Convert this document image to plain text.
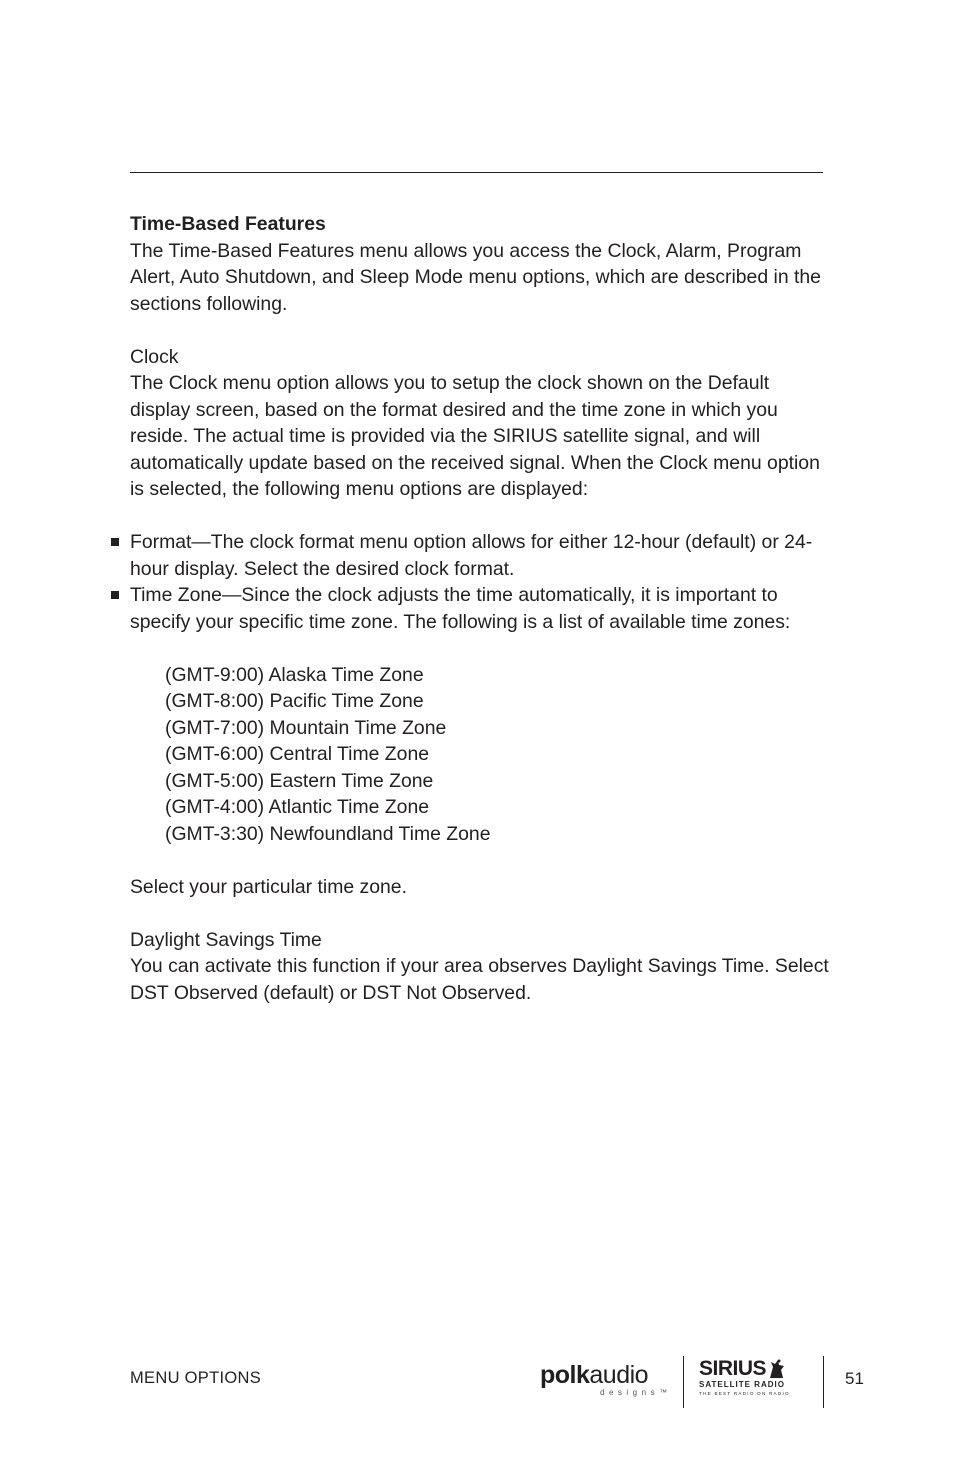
Time-Based Features

The Time-Based Features menu allows you access the Clock, Alarm, Program Alert, Auto Shutdown, and Sleep Mode menu options, which are described in the sections following.

Clock

The Clock menu option allows you to setup the clock shown on the Default display screen, based on the format desired and the time zone in which you reside. The actual time is provided via the SIRIUS satellite signal, and will automatically update based on the received signal. When the Clock menu option is selected, the following menu options are displayed:

Format—The clock format menu option allows for either 12-hour (default) or 24-hour display. Select the desired clock format.
Time Zone—Since the clock adjusts the time automatically, it is important to specify your specific time zone. The following is a list of available time zones:
(GMT-9:00) Alaska Time Zone
(GMT-8:00) Pacific Time Zone
(GMT-7:00) Mountain Time Zone
(GMT-6:00) Central Time Zone
(GMT-5:00) Eastern Time Zone
(GMT-4:00) Atlantic Time Zone
(GMT-3:30) Newfoundland Time Zone

Select your particular time zone.

Daylight Savings Time

You can activate this function if your area observes Daylight Savings Time. Select DST Observed (default) or DST Not Observed.

MENU OPTIONS	polkaudio
designs™
SIRIUS
SATELLITE RADIO
THE BEST RADIO ON RADIO
51
